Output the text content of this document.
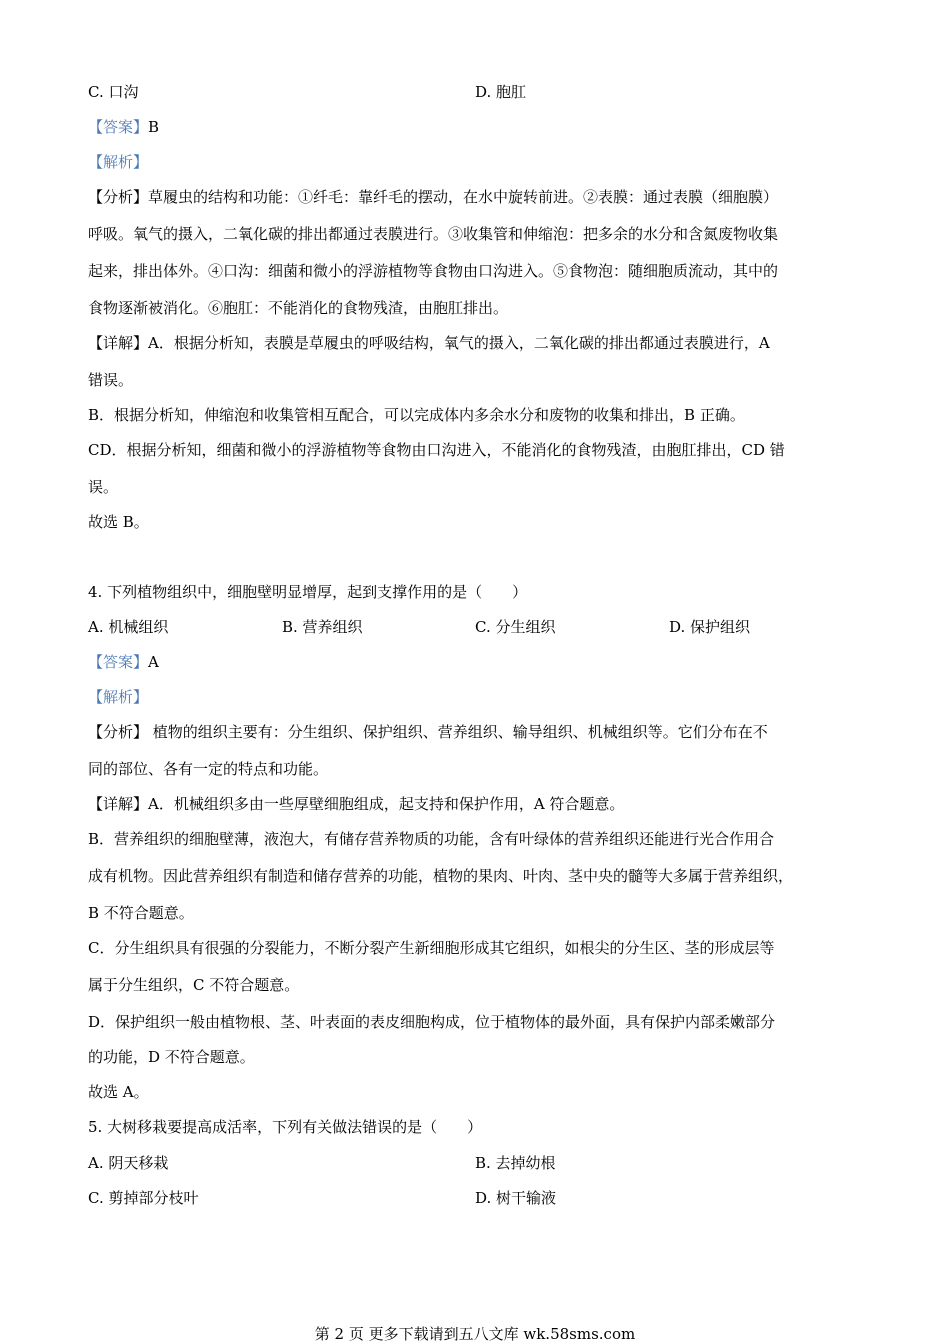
C. 口沟	D. 胞肛
【答案】B
【解析】
【分析】草履虫的结构和功能：①纤毛：靠纤毛的摆动，在水中旋转前进。②表膜：通过表膜（细胞膜）
呼吸。氧气的摄入，二氧化碳的排出都通过表膜进行。③收集管和伸缩泡：把多余的水分和含氮废物收集
起来，排出体外。④口沟：细菌和微小的浮游植物等食物由口沟进入。⑤食物泡：随细胞质流动，其中的
食物逐渐被消化。⑥胞肛：不能消化的食物残渣，由胞肛排出。
【详解】A．根据分析知，表膜是草履虫的呼吸结构，氧气的摄入，二氧化碳的排出都通过表膜进行，A
错误。
B．根据分析知，伸缩泡和收集管相互配合，可以完成体内多余水分和废物的收集和排出，B 正确。
CD．根据分析知，细菌和微小的浮游植物等食物由口沟进入，不能消化的食物残渣，由胞肛排出，CD 错
误。
故选 B。
4. 下列植物组织中，细胞壁明显增厚，起到支撑作用的是（　　）
A. 机械组织	B. 营养组织	C. 分生组织	D. 保护组织
【答案】A
【解析】
【分析】 植物的组织主要有：分生组织、保护组织、营养组织、输导组织、机械组织等。它们分布在不
同的部位、各有一定的特点和功能。
【详解】A．机械组织多由一些厚壁细胞组成，起支持和保护作用，A 符合题意。
B．营养组织的细胞壁薄，液泡大，有储存营养物质的功能，含有叶绿体的营养组织还能进行光合作用合
成有机物。因此营养组织有制造和储存营养的功能，植物的果肉、叶肉、茎中央的髓等大多属于营养组织，
B 不符合题意。
C．分生组织具有很强的分裂能力，不断分裂产生新细胞形成其它组织，如根尖的分生区、茎的形成层等
属于分生组织，C 不符合题意。
D．保护组织一般由植物根、茎、叶表面的表皮细胞构成，位于植物体的最外面，具有保护内部柔嫩部分
的功能，D 不符合题意。
故选 A。
5. 大树移栽要提高成活率，下列有关做法错误的是（　　）
A. 阴天移栽	B. 去掉幼根
C. 剪掉部分枝叶	D. 树干输液
第 2 页 更多下载请到五八文库 wk.58sms.com
